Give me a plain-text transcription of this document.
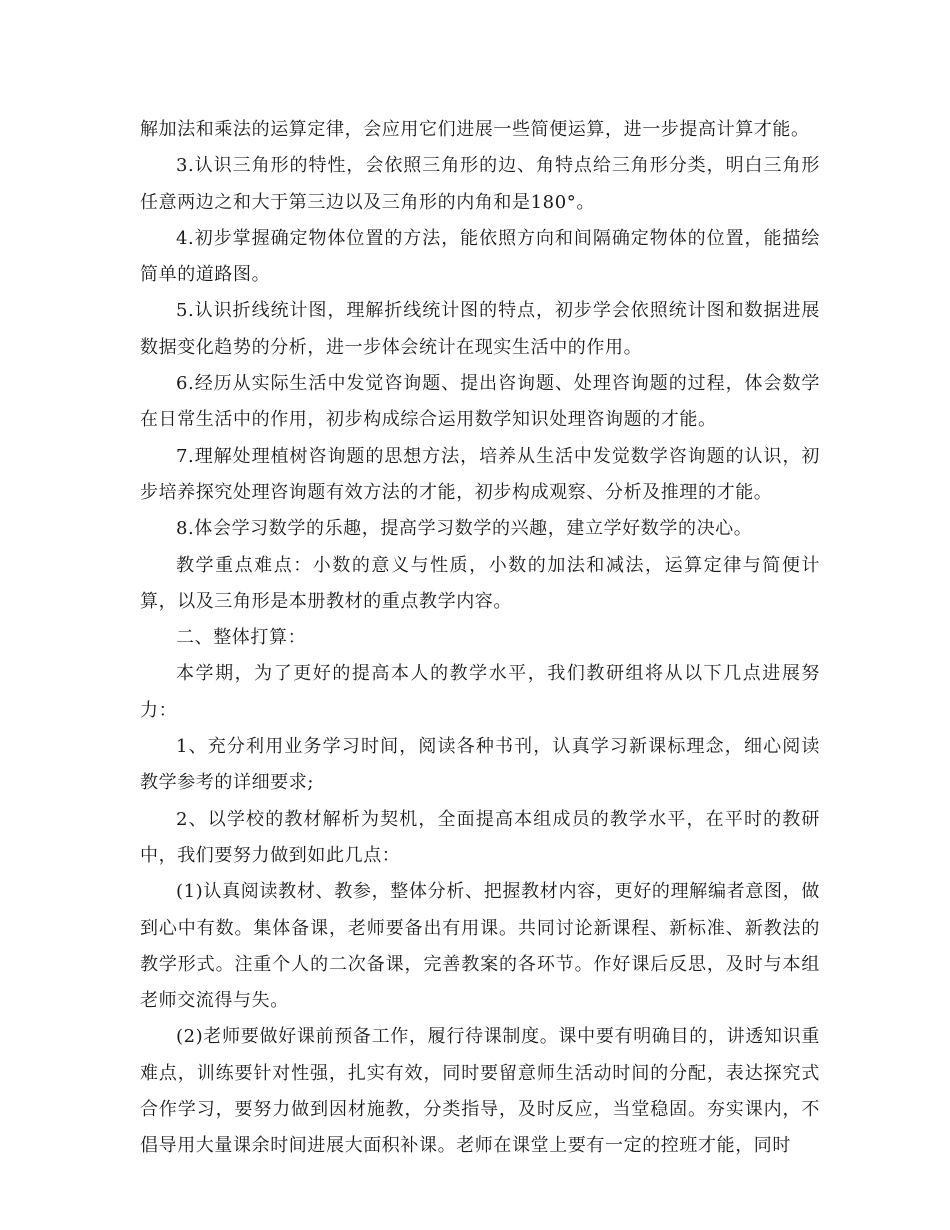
解加法和乘法的运算定律，会应用它们进展一些简便运算，进一步提高计算才能。

3.认识三角形的特性，会依照三角形的边、角特点给三角形分类，明白三角形任意两边之和大于第三边以及三角形的内角和是180°。

4.初步掌握确定物体位置的方法，能依照方向和间隔确定物体的位置，能描绘简单的道路图。

5.认识折线统计图，理解折线统计图的特点，初步学会依照统计图和数据进展数据变化趋势的分析，进一步体会统计在现实生活中的作用。

6.经历从实际生活中发觉咨询题、提出咨询题、处理咨询题的过程，体会数学在日常生活中的作用，初步构成综合运用数学知识处理咨询题的才能。

7.理解处理植树咨询题的思想方法，培养从生活中发觉数学咨询题的认识，初步培养探究处理咨询题有效方法的才能，初步构成观察、分析及推理的才能。

8.体会学习数学的乐趣，提高学习数学的兴趣，建立学好数学的决心。

教学重点难点：小数的意义与性质，小数的加法和减法，运算定律与简便计算，以及三角形是本册教材的重点教学内容。

二、整体打算：

本学期，为了更好的提高本人的教学水平，我们教研组将从以下几点进展努力：

1、充分利用业务学习时间，阅读各种书刊，认真学习新课标理念，细心阅读教学参考的详细要求;

2、以学校的教材解析为契机，全面提高本组成员的教学水平，在平时的教研中，我们要努力做到如此几点：

(1)认真阅读教材、教参，整体分析、把握教材内容，更好的理解编者意图，做到心中有数。集体备课，老师要备出有用课。共同讨论新课程、新标准、新教法的教学形式。注重个人的二次备课，完善教案的各环节。作好课后反思，及时与本组老师交流得与失。

(2)老师要做好课前预备工作，履行待课制度。课中要有明确目的，讲透知识重难点，训练要针对性强，扎实有效，同时要留意师生活动时间的分配，表达探究式合作学习，要努力做到因材施教，分类指导，及时反应，当堂稳固。夯实课内，不倡导用大量课余时间进展大面积补课。老师在课堂上要有一定的控班才能，同时
